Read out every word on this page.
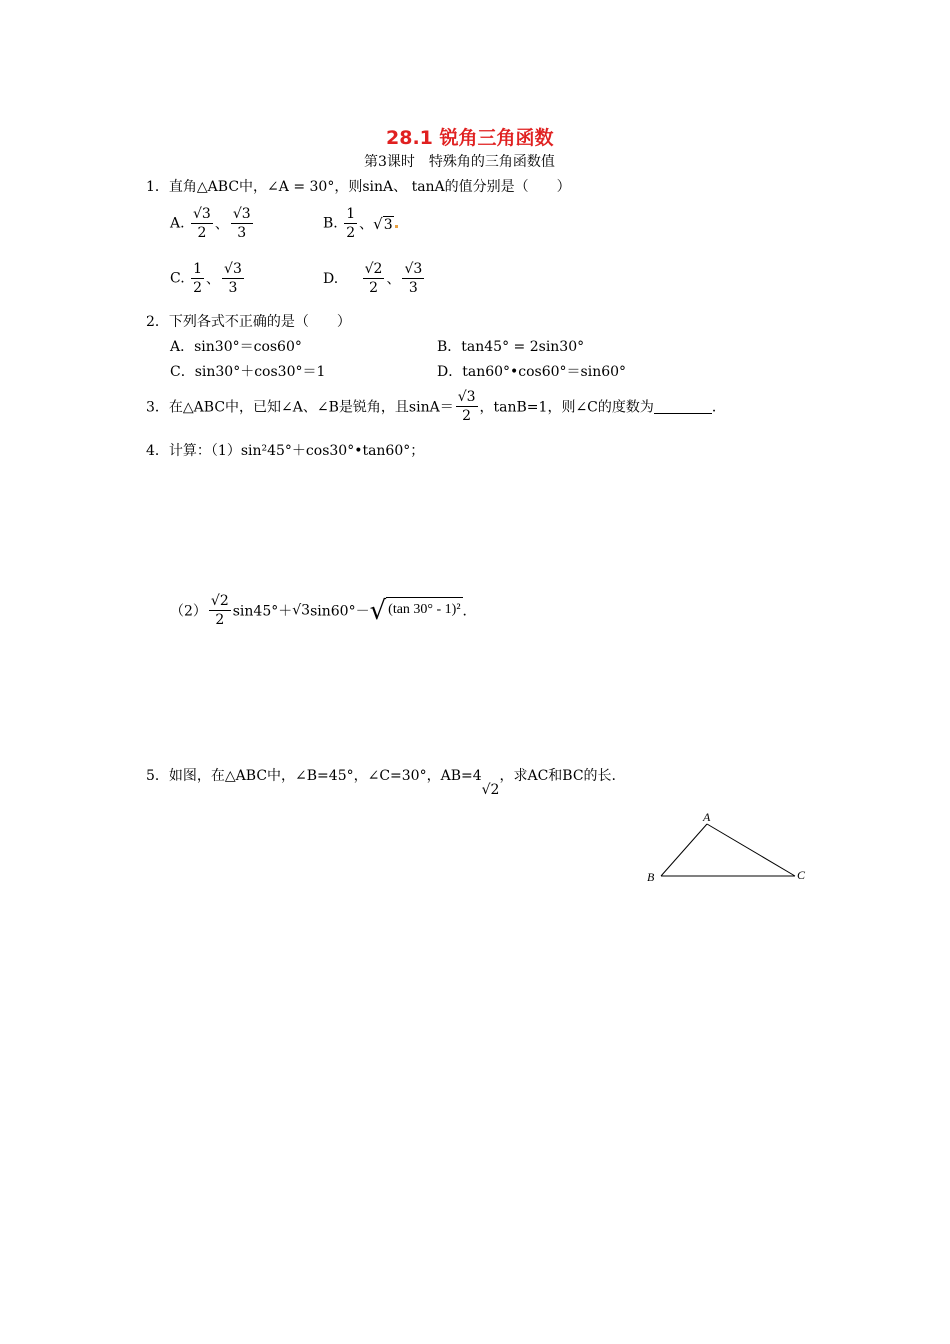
28.1 锐角三角函数
第3课时　特殊角的三角函数值
1．直角△ABC中，∠A = 30°，则sinA、 tanA的值分别是（　　）
A. $\frac{√3}{2}$ 、 $\frac{√3}{3}$	B. $\frac{1}{2}$ 、 √ 3
C. $\frac{1}{2}$ 、 $\frac{√3}{3}$	D. $\frac{√2}{2}$ 、 $\frac{√3}{3}$
2．下列各式不正确的是（　　）
A．sin30°＝cos60°	B．tan45° = 2sin30°
C．sin30°＋cos30°＝1	D．tan60°•cos60°＝sin60°
3．在△ABC中，已知∠A、∠B是锐角，且$\sin A= \frac{√3}{2}$ ，tanB=1，则∠C的度数为	．
4．计算：（1）sin²45°＋cos30°•tan60°；
$(2) \frac{√2}{2} \sin 45^\circ+√3\sin 60^\circ-$ √ (tan 30° - 1)² ．
5．如图，在△ABC中，∠B=45°，∠C=30°，AB=4√2，求AC和BC的长.
A
B	C
